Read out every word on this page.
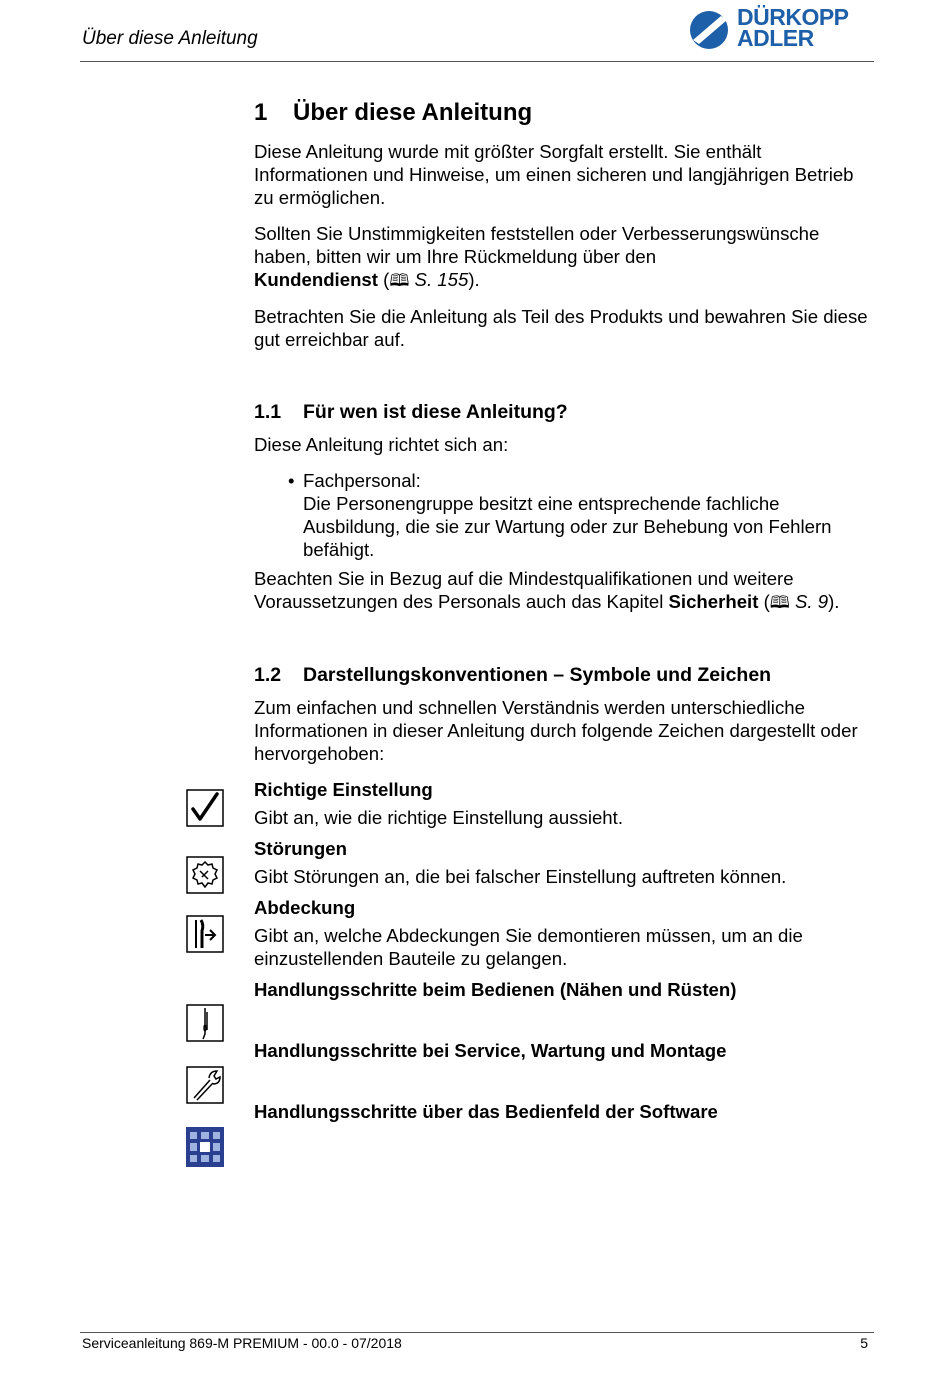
Über diese Anleitung
DÜRKOPP
ADLER
1 Über diese Anleitung

Diese Anleitung wurde mit größter Sorgfalt erstellt. Sie enthält Informationen und Hinweise, um einen sicheren und langjährigen Betrieb zu ermöglichen.

Sollten Sie Unstimmigkeiten feststellen oder Verbesserungswünsche haben, bitten wir um Ihre Rückmeldung über den
Kundendienst (🕮 S. 155).

Betrachten Sie die Anleitung als Teil des Produkts und bewahren Sie diese gut erreichbar auf.

1.1 Für wen ist diese Anleitung?

Diese Anleitung richtet sich an:

• Fachpersonal:
Die Personengruppe besitzt eine entsprechende fachliche Ausbildung, die sie zur Wartung oder zur Behebung von Fehlern befähigt.

Beachten Sie in Bezug auf die Mindestqualifikationen und weitere Voraussetzungen des Personals auch das Kapitel Sicherheit (🕮 S. 9).

1.2 Darstellungskonventionen – Symbole und Zeichen

Zum einfachen und schnellen Verständnis werden unterschiedliche Informationen in dieser Anleitung durch folgende Zeichen dargestellt oder hervorgehoben:

Richtige Einstellung
Gibt an, wie die richtige Einstellung aussieht.
Störungen
Gibt Störungen an, die bei falscher Einstellung auftreten können.
Abdeckung
Gibt an, welche Abdeckungen Sie demontieren müssen, um an die einzustellenden Bauteile zu gelangen.
Handlungsschritte beim Bedienen (Nähen und Rüsten)
Handlungsschritte bei Service, Wartung und Montage
Handlungsschritte über das Bedienfeld der Software
Serviceanleitung 869-M PREMIUM - 00.0 - 07/2018	5
